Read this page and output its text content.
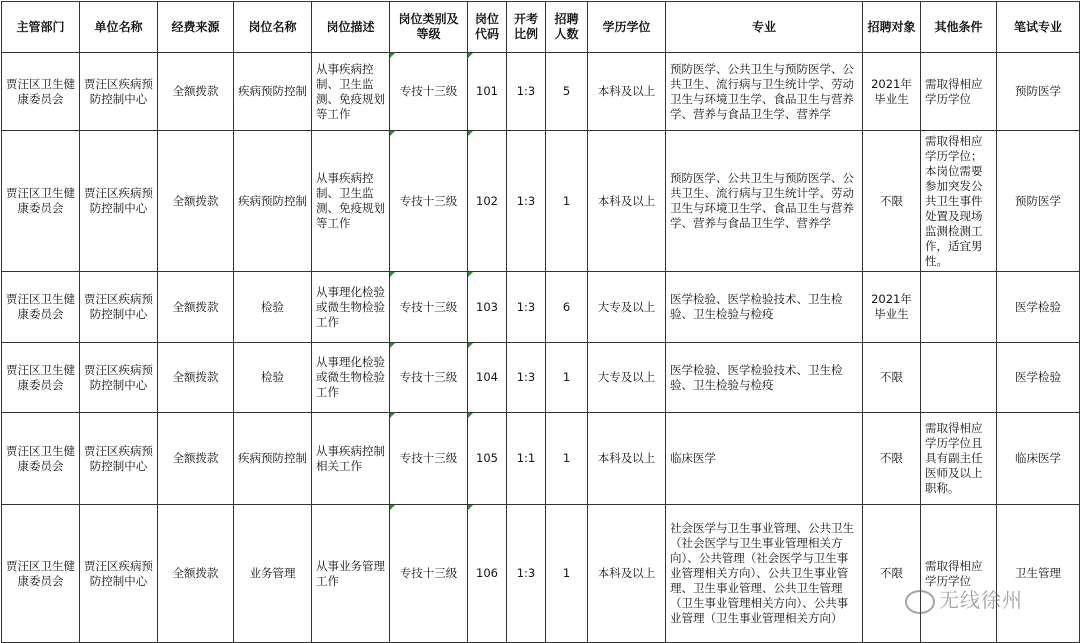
主管部门	单位名称	经费来源	岗位名称	岗位描述	岗位类别及等级	岗位代码	开考比例	招聘人数	学历学位	专业	招聘对象	其他条件	笔试专业
贾汪区卫生健康委员会	贾汪区疾病预防控制中心	全额拨款	疾病预防控制	从事疾病控制、卫生监测、免疫规划等工作	专技十三级	101	1:3	5	本科及以上	预防医学、公共卫生与预防医学、公共卫生、流行病与卫生统计学、劳动卫生与环境卫生学、食品卫生与营养学、营养与食品卫生学、营养学	2021年毕业生	需取得相应学历学位	预防医学
贾汪区卫生健康委员会	贾汪区疾病预防控制中心	全额拨款	疾病预防控制	从事疾病控制、卫生监测、免疫规划等工作	专技十三级	102	1:3	1	本科及以上	预防医学、公共卫生与预防医学、公共卫生、流行病与卫生统计学、劳动卫生与环境卫生学、食品卫生与营养学、营养与食品卫生学、营养学	不限	需取得相应学历学位；本岗位需要参加突发公共卫生事件处置及现场监测检测工作，适宜男性。	预防医学
贾汪区卫生健康委员会	贾汪区疾病预防控制中心	全额拨款	检验	从事理化检验或微生物检验工作	专技十三级	103	1:3	6	大专及以上	医学检验、医学检验技术、卫生检验、卫生检验与检疫	2021年毕业生		医学检验
贾汪区卫生健康委员会	贾汪区疾病预防控制中心	全额拨款	检验	从事理化检验或微生物检验工作	专技十三级	104	1:3	1	大专及以上	医学检验、医学检验技术、卫生检验、卫生检验与检疫	不限		医学检验
贾汪区卫生健康委员会	贾汪区疾病预防控制中心	全额拨款	疾病预防控制	从事疾病控制相关工作	专技十三级	105	1:1	1	本科及以上	临床医学	不限	需取得相应学历学位且具有副主任医师及以上职称。	临床医学
贾汪区卫生健康委员会	贾汪区疾病预防控制中心	全额拨款	业务管理	从事业务管理工作	专技十三级	106	1:3	1	本科及以上	社会医学与卫生事业管理、公共卫生（社会医学与卫生事业管理相关方向）、公共管理（社会医学与卫生事业管理相关方向）、公共卫生事业管理、卫生事业管理、公共卫生管理（卫生事业管理相关方向）、公共事业管理（卫生事业管理相关方向）	不限	需取得相应学历学位	卫生管理
无线徐州
